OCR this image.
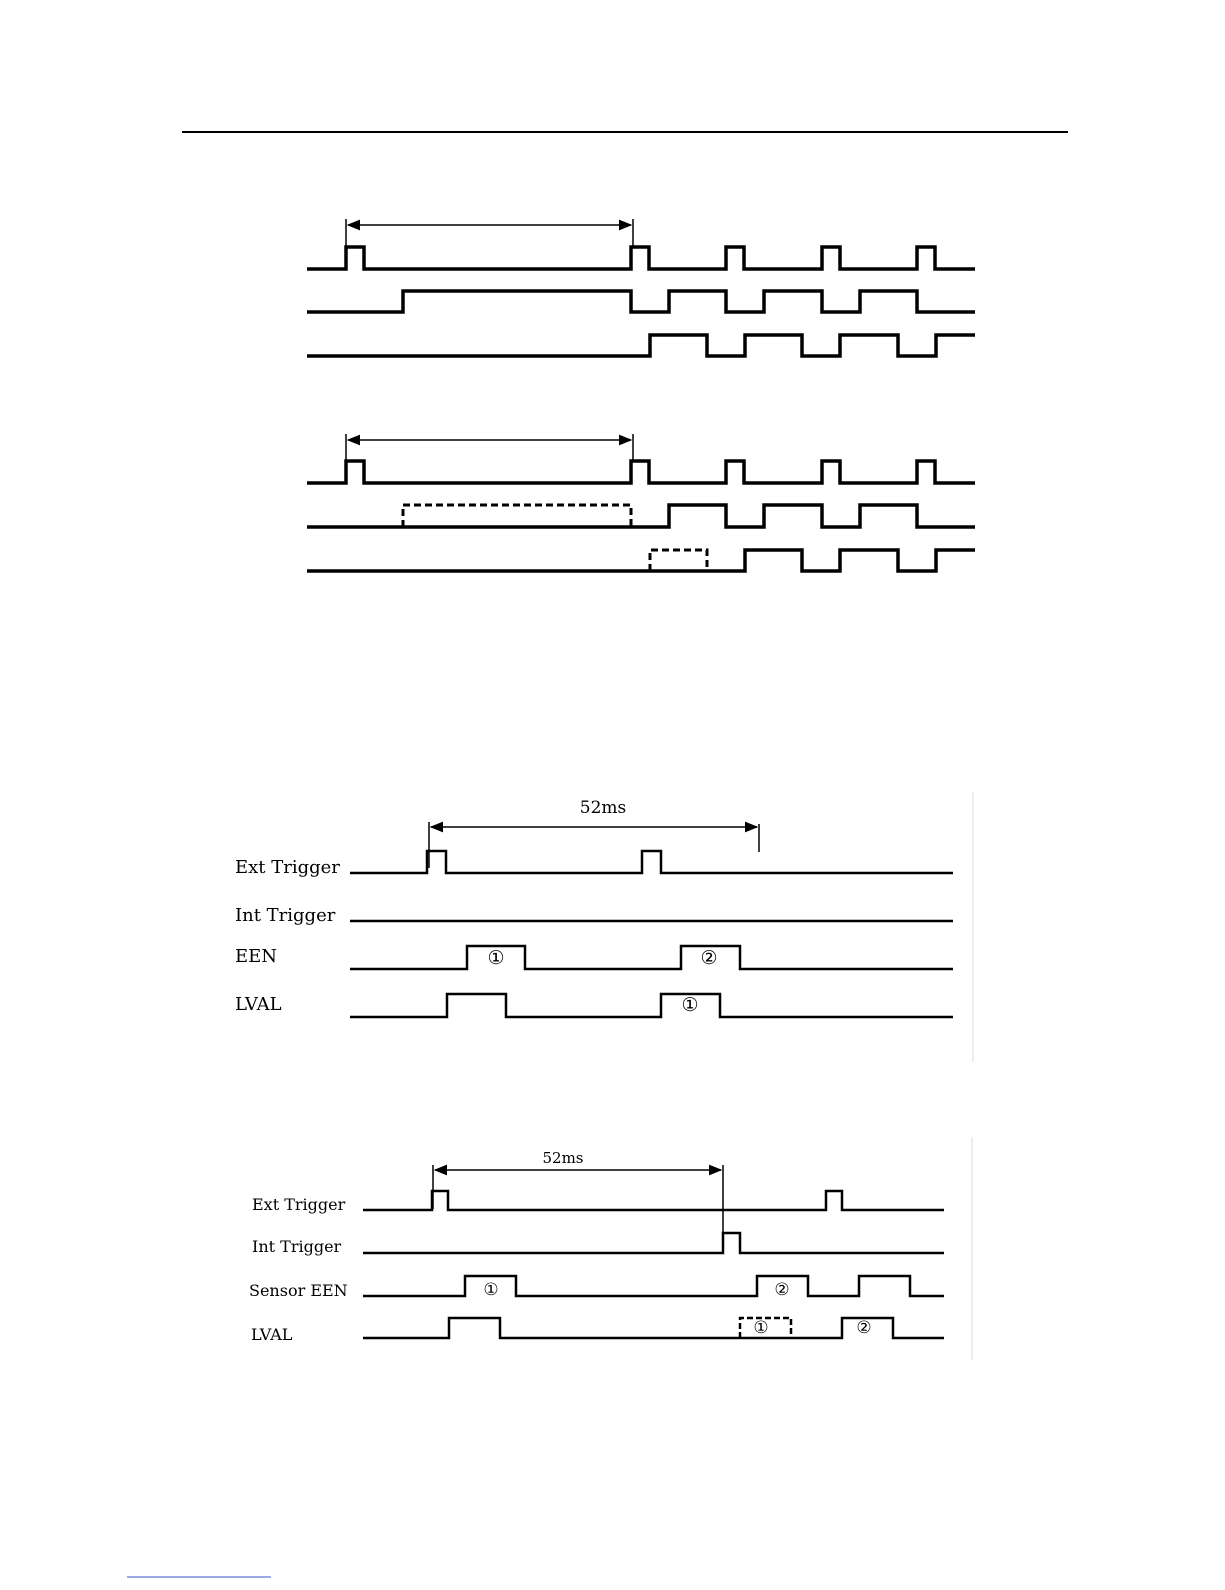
52ms
Ext Trigger
Int Trigger
EEN
LVAL
①	②
①
52ms
Ext Trigger
Int Trigger
Sensor EEN
LVAL
①	②
①	②
